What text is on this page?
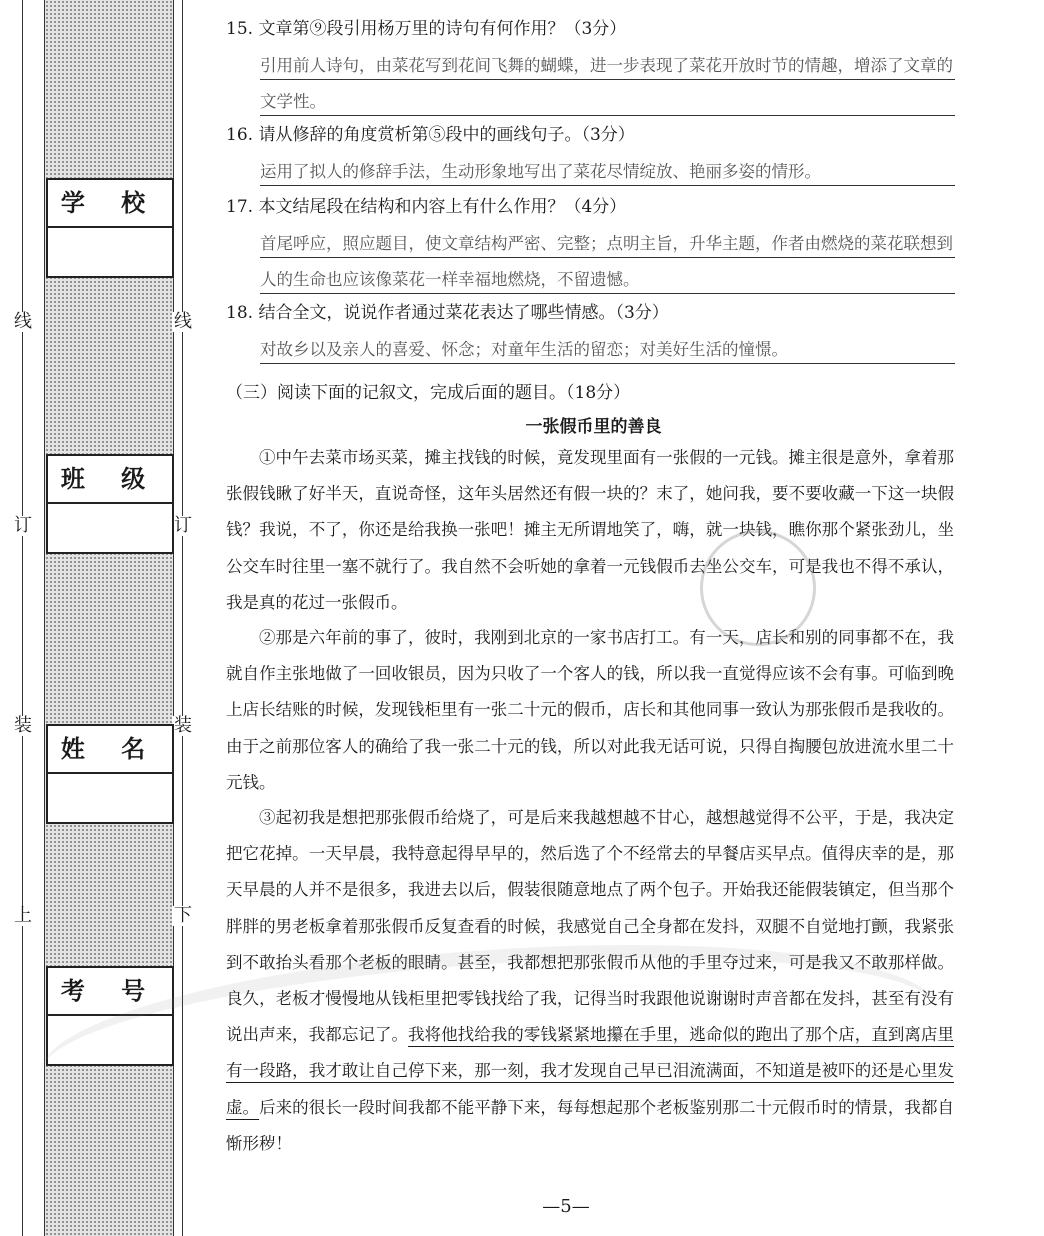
线
订
装
上
线
订
装
下
学 校
班 级
姓 名
考 号
15. 文章第⑨段引用杨万里的诗句有何作用？（3分）
引用前人诗句，由菜花写到花间飞舞的蝴蝶，进一步表现了菜花开放时节的情趣，增添了文章的文学性。
16. 请从修辞的角度赏析第⑤段中的画线句子。（3分）
运用了拟人的修辞手法，生动形象地写出了菜花尽情绽放、艳丽多姿的情形。
17. 本文结尾段在结构和内容上有什么作用？（4分）
首尾呼应，照应题目，使文章结构严密、完整；点明主旨，升华主题，作者由燃烧的菜花联想到人的生命也应该像菜花一样幸福地燃烧，不留遗憾。
18. 结合全文，说说作者通过菜花表达了哪些情感。（3分）
对故乡以及亲人的喜爱、怀念；对童年生活的留恋；对美好生活的憧憬。
（三）阅读下面的记叙文，完成后面的题目。（18分）
一张假币里的善良
①中午去菜市场买菜，摊主找钱的时候，竟发现里面有一张假的一元钱。摊主很是意外，拿着那张假钱瞅了好半天，直说奇怪，这年头居然还有假一块的？末了，她问我，要不要收藏一下这一块假钱？我说，不了，你还是给我换一张吧！摊主无所谓地笑了，嗨，就一块钱，瞧你那个紧张劲儿，坐公交车时往里一塞不就行了。我自然不会听她的拿着一元钱假币去坐公交车，可是我也不得不承认，我是真的花过一张假币。
②那是六年前的事了，彼时，我刚到北京的一家书店打工。有一天，店长和别的同事都不在，我就自作主张地做了一回收银员，因为只收了一个客人的钱，所以我一直觉得应该不会有事。可临到晚上店长结账的时候，发现钱柜里有一张二十元的假币，店长和其他同事一致认为那张假币是我收的。由于之前那位客人的确给了我一张二十元的钱，所以对此我无话可说，只得自掏腰包放进流水里二十元钱。
③起初我是想把那张假币给烧了，可是后来我越想越不甘心，越想越觉得不公平，于是，我决定把它花掉。一天早晨，我特意起得早早的，然后选了个不经常去的早餐店买早点。值得庆幸的是，那天早晨的人并不是很多，我进去以后，假装很随意地点了两个包子。开始我还能假装镇定，但当那个胖胖的男老板拿着那张假币反复查看的时候，我感觉自己全身都在发抖，双腿不自觉地打颤，我紧张到不敢抬头看那个老板的眼睛。甚至，我都想把那张假币从他的手里夺过来，可是我又不敢那样做。良久，老板才慢慢地从钱柜里把零钱找给了我，记得当时我跟他说谢谢时声音都在发抖，甚至有没有说出声来，我都忘记了。我将他找给我的零钱紧紧地攥在手里，逃命似的跑出了那个店，直到离店里有一段路，我才敢让自己停下来，那一刻，我才发现自己早已泪流满面，不知道是被吓的还是心里发虚。后来的很长一段时间我都不能平静下来，每每想起那个老板鉴别那二十元假币时的情景，我都自惭形秽！
—5—
